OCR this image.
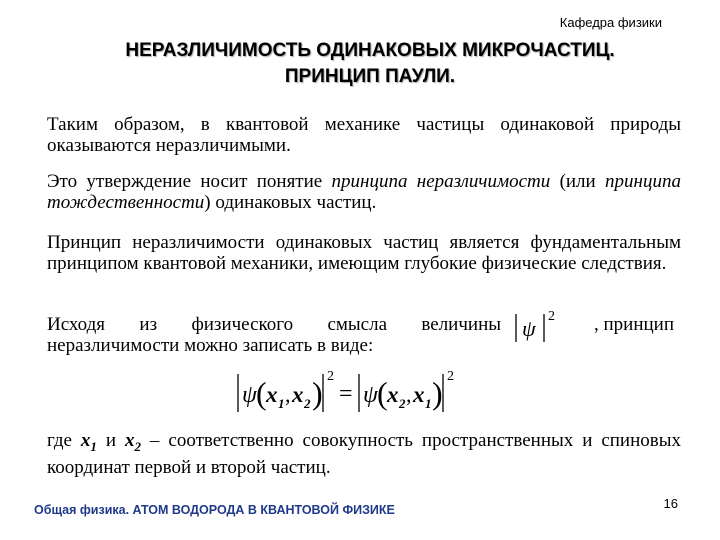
Кафедра физики
НЕРАЗЛИЧИМОСТЬ ОДИНАКОВЫХ МИКРОЧАСТИЦ.
ПРИНЦИП ПАУЛИ.
Таким образом, в квантовой механике частицы одинаковой природы оказываются неразличимыми.
Это утверждение носит понятие принципа неразличимости (или принципа тождественности) одинаковых частиц.
Принцип неразличимости одинаковых частиц является фундаментальным принципом квантовой механики, имеющим глубокие физические следствия.
Исходя из физического смысла величины ψ 2 , принцип
неразличимости можно записать в виде:
ψ ( x 1 , x 2 ) 2
= ψ ( x 2 , x 1 ) 2
где $x_1$ и $x_2$ – соответственно совокупность пространственных и спиновых координат первой и второй частиц.
Общая физика. АТОМ ВОДОРОДА В КВАНТОВОЙ ФИЗИКЕ	16
